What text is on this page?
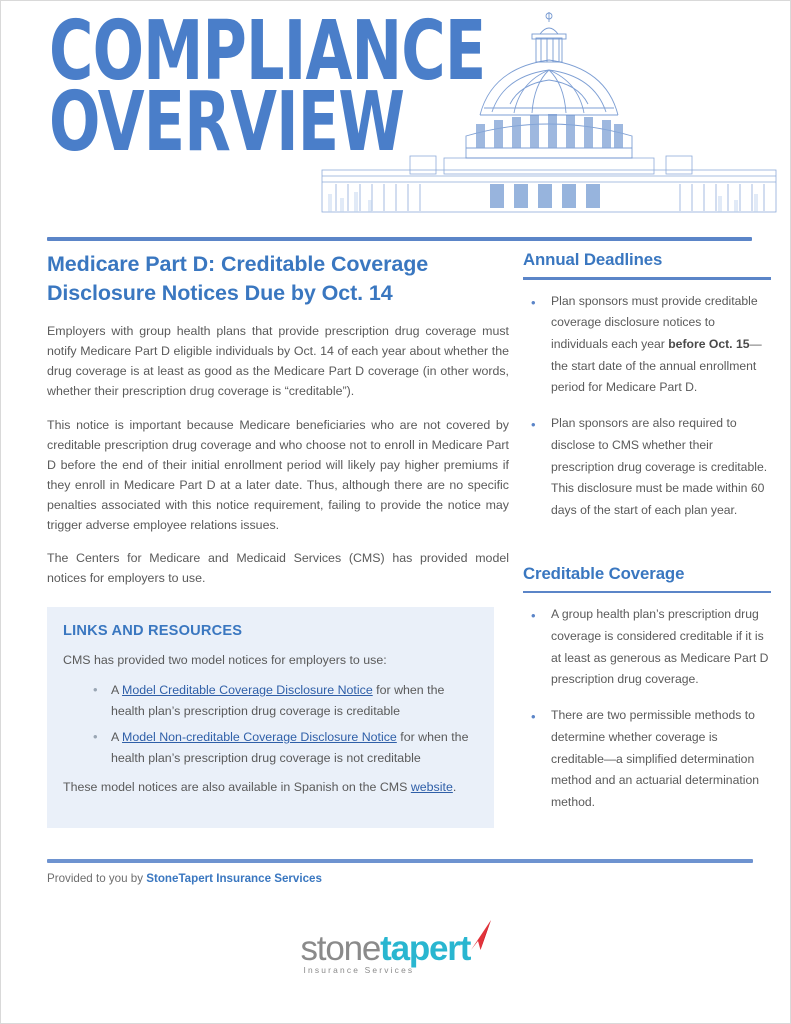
COMPLIANCE
OVERVIEW
Medicare Part D: Creditable Coverage Disclosure Notices Due by Oct. 14

Employers with group health plans that provide prescription drug coverage must notify Medicare Part D eligible individuals by Oct. 14 of each year about whether the drug coverage is at least as good as the Medicare Part D coverage (in other words, whether their prescription drug coverage is “creditable”).

This notice is important because Medicare beneficiaries who are not covered by creditable prescription drug coverage and who choose not to enroll in Medicare Part D before the end of their initial enrollment period will likely pay higher premiums if they enroll in Medicare Part D at a later date. Thus, although there are no specific penalties associated with this notice requirement, failing to provide the notice may trigger adverse employee relations issues.

The Centers for Medicare and Medicaid Services (CMS) has provided model notices for employers to use.

LINKS AND RESOURCES

CMS has provided two model notices for employers to use:

• A Model Creditable Coverage Disclosure Notice for when the health plan’s prescription drug coverage is creditable
• A Model Non-creditable Coverage Disclosure Notice for when the health plan’s prescription drug coverage is not creditable

These model notices are also available in Spanish on the CMS website.

Annual Deadlines
• Plan sponsors must provide creditable coverage disclosure notices to individuals each year before Oct. 15—the start date of the annual enrollment period for Medicare Part D.
• Plan sponsors are also required to disclose to CMS whether their prescription drug coverage is creditable. This disclosure must be made within 60 days of the start of each plan year.
Creditable Coverage
• A group health plan’s prescription drug coverage is considered creditable if it is at least as generous as Medicare Part D prescription drug coverage.
• There are two permissible methods to determine whether coverage is creditable—a simplified determination method and an actuarial determination method.
Provided to you by StoneTapert Insurance Services
stonetapert
Insurance Services
